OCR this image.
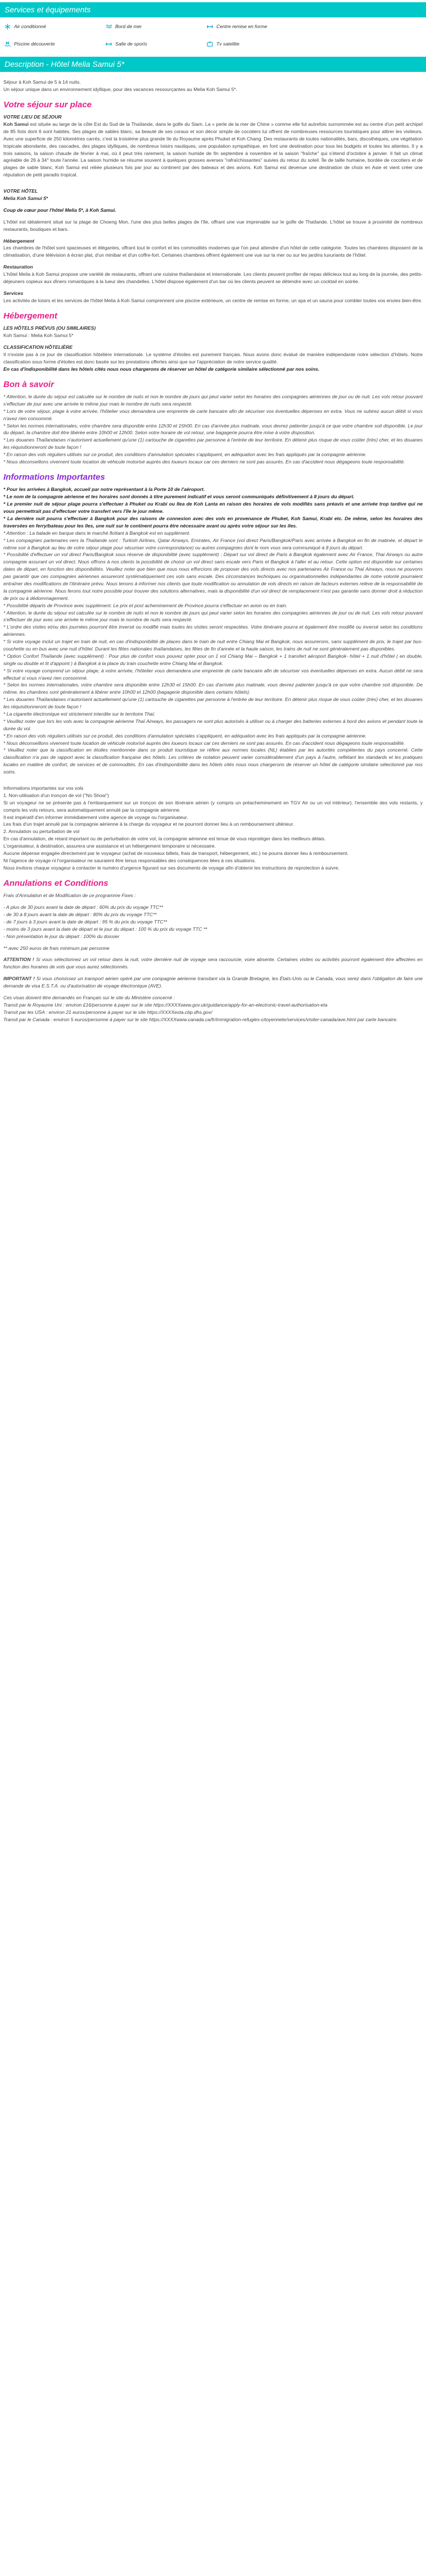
Services et équipements
Air conditionné	Bord de mer	Centre remise en forme
Piscine découverte	Salle de sports	Tv satellite
Description - Hôtel Melia Samui 5*

Séjour à Koh Samui de 5 à 14 nuits.

Un séjour unique dans un environnement idyllique, pour des vacances ressourçantes au Melia Koh Samui 5*.

Votre séjour sur place
VOTRE LIEU DE SÉJOUR

Koh Samui est située au large de la côte Est du Sud de la Thaïlande, dans le golfe du Siam. La « perle de la mer de Chine » comme elle fut autrefois surnommée est au centre d'un petit archipel de 85 îlots dont 6 sont habités. Ses plages de sables blanc, sa beauté de ses coraux et son décor simple de cocotiers lui offrent de nombreuses ressources touristiques pour attirer les visiteurs. Avec une superficie de 250 kilomètres carrés, c'est la troisième plus grande île du Royaume après Phuket et Koh Chang. Des restaurants de toutes nationalités, bars, discothèques, une végétation tropicale abondante, des cascades, des plages idylliques, de nombreux loisirs nautiques, une population sympathique, en font une destination pour tous les budgets et toutes les attentes. Il y a trois saisons, la saison chaude de février à mai, où il peut très rarement, la saison humide de fin septembre à novembre et la saison "fraîche" qui s'étend d'octobre à janvier. Il fait un climat agréable de 26 à 34° toute l'année. La saison humide se résume souvent à quelques grosses averses "rafraîchissantes" suivies du retour du soleil. Île de taille humaine, bordée de cocotiers et de plages de sable blanc, Koh Samui est reliée plusieurs fois par jour au continent par des bateaux et des avions. Koh Samui est devenue une destination de choix en Asie et vient créer une réputation de petit paradis tropical.

VOTRE HÔTEL
Melia Koh Samui 5*

Coup de cœur pour l'hôtel Melia 5*, à Koh Samui.

L'hôtel est idéalement situé sur la plage de Choeng Mon, l'une des plus belles plages de l'île, offrant une vue imprenable sur le golfe de Thaïlande. L'hôtel se trouve à proximité de nombreux restaurants, boutiques et bars.

Hébergement

Les chambres de l'hôtel sont spacieuses et élégantes, offrant tout le confort et les commodités modernes que l'on peut attendre d'un hôtel de cette catégorie. Toutes les chambres disposent de la climatisation, d'une télévision à écran plat, d'un minibar et d'un coffre-fort. Certaines chambres offrent également une vue sur la mer ou sur les jardins luxuriants de l'hôtel.

Restauration

L'hôtel Melia à Koh Samui propose une variété de restaurants, offrant une cuisine thaïlandaise et internationale. Les clients peuvent profiter de repas délicieux tout au long de la journée, des petits-déjeuners copieux aux dîners romantiques à la lueur des chandelles. L'hôtel dispose également d'un bar où les clients peuvent se détendre avec un cocktail en soirée.

Services

Les activités de loisirs et les services de l'hôtel Melia à Koh Samui comprennent une piscine extérieure, un centre de remise en forme, un spa et un sauna pour combler toutes vos envies bien-être.

Hébergement
LES HÔTELS PRÉVUS (OU SIMILAIRES)

Koh Samui : Melia Koh Samui 5*

CLASSIFICATION HÔTELIÈRE

Il n'existe pas à ce jour de classification hôtelière internationale. Le système d'étoiles est purement français. Nous avons donc évalué de manière indépendante notre sélection d'hôtels. Notre classification sous forme d'étoiles est donc basée sur les prestations offertes ainsi que sur l'appréciation de notre service qualité.

En cas d'indisponibilité dans les hôtels cités nous nous chargerons de réserver un hôtel de catégorie similaire sélectionné par nos soins.

Bon à savoir
* Attention, le durée du séjour est calculée sur le nombre de nuits et non le nombre de jours qui peut varier selon les horaires des compagnies aériennes de jour ou de nuit. Les vols retour pouvant s'effectuer de jour avec une arrivée le même jour mais le nombre de nuits sera respecté.
* Lors de votre séjour, plage à votre arrivée, l'hôtelier vous demandera une empreinte de carte bancaire afin de sécuriser vos éventuelles dépenses en extra. Vous ne subirez aucun débit si vous n'avez rien consommé.
* Selon les normes internationales, votre chambre sera disponible entre 12h30 et 15h00. En cas d'arrivée plus matinale, vous devrez patienter jusqu'à ce que votre chambre soit disponible. Le jour du départ, la chambre doit être libérée entre 10h00 et 12h00. Selon votre horaire de vol retour, une bagagerie pourra être mise à votre disposition.
* Les douanes Thaïlandaises n'autorisent actuellement qu'une (1) cartouche de cigarettes par personne à l'entrée de leur territoire. En détenir plus risque de vous coûter (très) cher, et les douanes les réquisitionneront de toute façon !
* En raison des vols réguliers utilisés sur ce produit, des conditions d'annulation spéciales s'appliquent, en adéquation avec les frais appliqués par la compagnie aérienne.
* Nous déconseillons vivement toute location de véhicule motorisé auprès des loueurs locaux car ces derniers ne sont pas assurés. En cas d'accident nous dégageons toute responsabilité.
Informations Importantes
* Pour les arrivées à Bangkok, accueil par notre représentant à la Porte 10 de l'aéroport.
* Le nom de la compagnie aérienne et les horaires sont donnés à titre purement indicatif et vous seront communiqués définitivement à 8 jours du départ.
* Le premier nuit de séjour plage pourra s'effectuer à Phuket ou Krabi ou Ilea de Koh Lanta en raison des horaires de vols modifiés sans préavis et une arrivée trop tardive qui ne vous permettrait pas d'effectuer votre transfert vers l'île le jour même.
* La dernière nuit pourra s'effectuer à Bangkok pour des raisons de connexion avec des vols en provenance de Phuket, Koh Samui, Krabi etc. De même, selon les horaires des traversées en ferry/bateau pour les îles, une nuit sur le continent pourra être nécessaire avant ou après votre séjour sur les îles.
* Attention : La balade en barque dans le marché flottant à Bangkok est en supplément.
* Les compagnies partenaires vers la Thaïlande sont : Turkish Airlines, Qatar Airways, Emirates, Air France (vol direct Paris/Bangkok/Paris avec arrivée à Bangkok en fin de matinée, et départ le même soir à Bangkok au lieu de votre séjour plage pour sécuriser votre correspondance) ou autres compagnies dont le nom vous sera communiqué à 8 jours du départ.
* Possibilité d'effectuer un vol direct Paris/Bangkok sous réserve de disponibilité (avec supplément) : Départ sur vol direct de Paris à Bangkok également avec Air France, Thai Airways ou autre compagnie assurant un vol direct. Nous offrons à nos clients la possibilité de choisir un vol direct sans escale vers Paris et Bangkok à l'aller et au retour. Cette option est disponible sur certaines dates de départ, en fonction des disponibilités. Veuillez noter que bien que nous nous efforcions de proposer des vols directs avec nos partenaires Air France ou Thaï Airways, nous ne pouvons pas garantir que ces compagnies aériennes assureront systématiquement ces vols sans escale. Des circonstances techniques ou organisationnelles indépendantes de notre volonté pourraient entraîner des modifications de l'itinéraire prévu. Nous tenons à informer nos clients que toute modification ou annulation de vols directs en raison de facteurs externes relève de la responsabilité de la compagnie aérienne. Nous ferons tout notre possible pour trouver des solutions alternatives, mais la disponibilité d'un vol direct de remplacement n'est pas garantie sans donner droit à réduction de prix ou à dédommagement.
* Possibilité départs de Province avec supplément. Le prix et post acheminement de Province pourra s'effectuer en avion ou en train.
* Attention, le durée du séjour est calculée sur le nombre de nuits et non le nombre de jours qui peut varier selon les horaires des compagnies aériennes de jour ou de nuit. Les vols retour pouvant s'effectuer de jour avec une arrivée le même jour mais le nombre de nuits sera respecté.
* L'ordre des visites et/ou des journées pourront être inversé ou modifié mais toutes les visites seront respectées. Votre itinéraire pourra et également être modifié ou inversé selon les conditions aériennes.
* Si votre voyage inclut un trajet en train de nuit, en cas d'indisponibilité de places dans le train de nuit entre Chiang Mai et Bangkok, nous assurerons, sans supplément de prix, le trajet par bus-couchette ou en bus avec une nuit d'hôtel. Durant les fêtes nationales thaïlandaises, les fêtes de fin d'année et la haute saison, les trains de nuit ne sont généralement pas disponibles.
* Option Confort Thaïlande (avec supplément) : Pour plus de confort vous pouvez opter pour un 1 vol Chiang Mai – Bangkok + 1 transfert aéroport Bangkok- hôtel + 1 nuit d'hôtel ( en double, single ou double et lit d'appoint ) à Bangkok à la place du train couchette entre Chiang Mai et Bangkok.
* Si votre voyage comprend un séjour plage, à votre arrivée, l'hôtelier vous demandera une empreinte de carte bancaire afin de sécuriser vos éventuelles dépenses en extra. Aucun débit ne sera effectué si vous n'avez rien consommé.
* Selon les normes internationales, votre chambre sera disponible entre 12h30 et 15h00. En cas d'arrivée plus matinale, vous devrez patienter jusqu'à ce que votre chambre soit disponible. De même, les chambres sont généralement à libérer entre 10h00 et 12h00 (bagagerie disponible dans certains hôtels).
* Les douanes Thaïlandaises n'autorisent actuellement qu'une (1) cartouche de cigarettes par personne à l'entrée de leur territoire. En détenir plus risque de vous coûter (très) cher, et les douanes les réquisitionneront de toute façon !
* La cigarette électronique est strictement interdite sur le territoire Thaï.
* Veuillez noter que lors les vols avec la compagnie aérienne Thaï Airways, les passagers ne sont plus autorisés à utiliser ou à charger des batteries externes à bord des avions et pendant toute la durée du vol.
* En raison des vols réguliers utilisés sur ce produit, des conditions d'annulation spéciales s'appliquent, en adéquation avec les frais appliqués par la compagnie aérienne.
* Nous déconseillons vivement toute location de véhicule motorisé auprès des loueurs locaux car ces derniers ne sont pas assurés. En cas d'accident nous dégageons toute responsabilité.
* Veuillez noter que la classification en étoiles mentionnée dans ce produit touristique se réfère aux normes locales (NL) établies par les autorités compétentes du pays concerné. Cette classification n'a pas de rapport avec la classification française des hôtels. Les critères de notation peuvent varier considérablement d'un pays à l'autre, reflétant les standards et les pratiques locales en matière de confort, de services et de commodités. En cas d'indisponibilité dans les hôtels cités nous nous chargerons de réserver un hôtel de catégorie similaire sélectionné par nos soins.
Informations importantes sur vos vols

1. Non-utilisation d'un tronçon de vol ("No Show")

Si un voyageur ne se présente pas à l'embarquement sur un tronçon de son itinéraire aérien (y compris un préacheminement en TGV Air ou un vol intérieur), l'ensemble des vols restants, y compris les vols retours, sera automatiquement annulé par la compagnie aérienne.

Il est impératif d'en informer immédiatement votre agence de voyage ou l'organisateur.

Les frais d'un trajet annulé par la compagnie aérienne à la charge du voyageur et ne pourront donner lieu à un remboursement ultérieur.

2. Annulation ou perturbation de vol

En cas d'annulation, de retard important ou de perturbation de votre vol, la compagnie aérienne est tenue de vous reprotéger dans les meilleurs délais.

L'organisateur, à destination, assurera une assistance et un hébergement temporaire si nécessaire.

Aucune dépense engagée directement par le voyageur (achat de nouveaux billets, frais de transport, hébergement, etc.) ne pourra donner lieu à remboursement.

Ni l'agence de voyage ni l'organisateur ne sauraient être tenus responsables des conséquences liées à ces situations.

Nous invitons chaque voyageur à contacter le numéro d'urgence figurant sur ses documents de voyage afin d'obtenir les instructions de reprotection à suivre.

Annulations et Conditions

Frais d'Annulation et de Modification de ce programme Fixes :

- A plus de 30 jours avant la date de départ : 60% du prix du voyage TTC**
- de 30 à 8 jours avant la date de départ : 80% du prix du voyage TTC**
- de 7 jours à 3 jours avant la date de départ : 95 % du prix du voyage TTC**
- moins de 3 jours avant la date de départ et le jour du départ : 100 % du prix du voyage TTC **
- Non présentation le jour du départ : 100% du dossier

** avec 250 euros de frais minimum par personne

ATTENTION ! Si vous sélectionnez un vol retour dans la nuit, votre dernière nuit de voyage sera raccourcie, voire absente. Certaines visites ou activités pourront également être affectées en fonction des horaires de vols que vous aurez sélectionnés.

IMPORTANT ! Si vous choisissez un transport aérien opéré par une compagnie aérienne transitant via la Grande Bretagne, les États-Unis ou le Canada, vous serez dans l'obligation de faire une demande de visa E.S.T.A. ou d'autorisation de voyage électronique (AVE).

Ces visas doivent être demandés en Français sur le site du Ministère concerné :

Transit par le Royaume Uni : environ £16/personne à payer sur le site https://XXXXwww.gov.uk/guidance/apply-for-an-electronic-travel-authorisation-eta

Transit par les USA : environ 21 euros/personne à payer sur le site https://XXXXesta.cbp.dhs.gov/

Transit par le Canada : environ 5 euros/personne à payer sur le site https://XXXXwww.canada.ca/fr/immigration-refugies-citoyennete/services/visiter-canada/ave.html par carte bancaire.
